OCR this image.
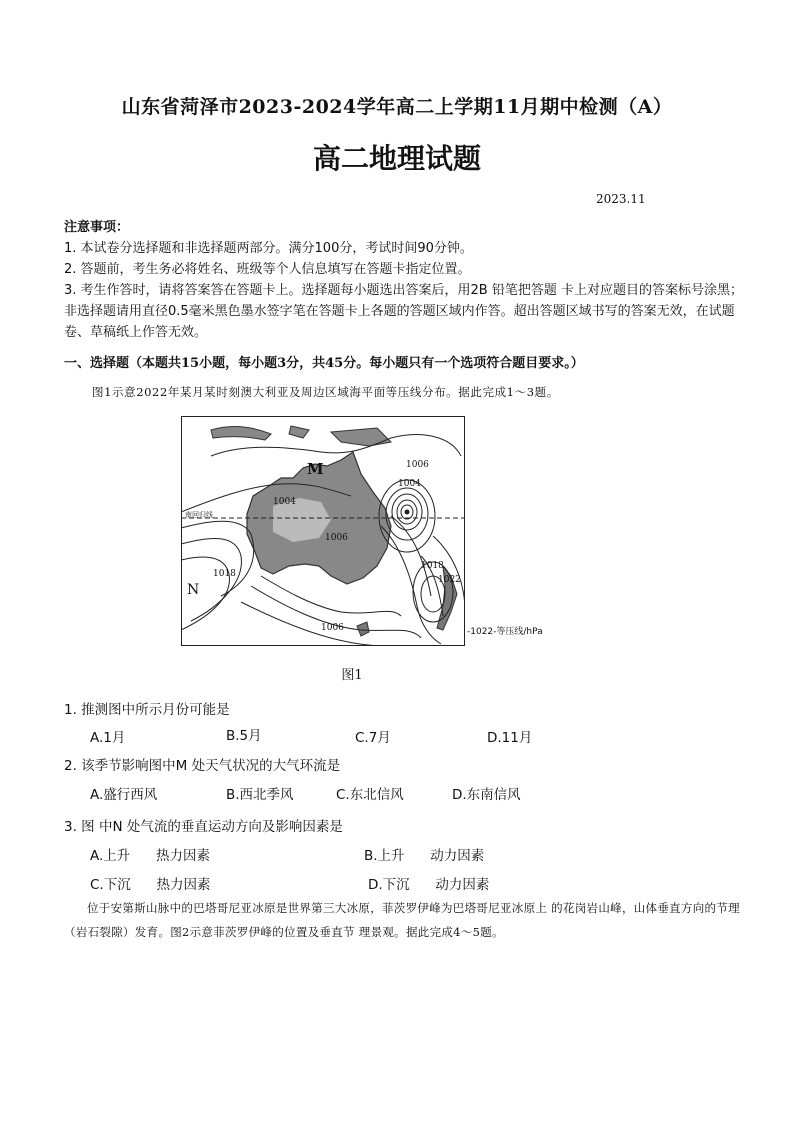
山东省菏泽市2023-2024学年高二上学期11月期中检测（A）
高二地理试题
2023.11
注意事项：
1. 本试卷分选择题和非选择题两部分。满分100分，考试时间90分钟。
2. 答题前，考生务必将姓名、班级等个人信息填写在答题卡指定位置。
3. 考生作答时，请将答案答在答题卡上。选择题每小题选出答案后，用2B 铅笔把答题 卡上对应题目的答案标号涂黑；非选择题请用直径0.5毫米黑色墨水签字笔在答题卡上各题的答题区域内作答。超出答题区域书写的答案无效，在试题卷、草稿纸上作答无效。
一、选择题（本题共15小题，每小题3分，共45分。每小题只有一个选项符合题目要求。）
图1示意2022年某月某时刻澳大利亚及周边区域海平面等压线分布。据此完成1～3题。
南回归线
M
N
1006
1004
1004
1006
1018
1018
1022
1006	-1022-等压线/hPa
图1
1. 推测图中所示月份可能是
A.1月	B.5月	C.7月	D.11月
2. 该季节影响图中M 处天气状况的大气环流是
A.盛行西风	B.西北季风	C.东北信风	D.东南信风
3. 图 中N 处气流的垂直运动方向及影响因素是
A.上升      热力因素	B.上升      动力因素
C.下沉      热力因素	D.下沉      动力因素
位于安第斯山脉中的巴塔哥尼亚冰原是世界第三大冰原，菲茨罗伊峰为巴塔哥尼亚冰原上 的花岗岩山峰，山体垂直方向的节理（岩石裂隙）发育。图2示意菲茨罗伊峰的位置及垂直节 理景观。据此完成4～5题。
